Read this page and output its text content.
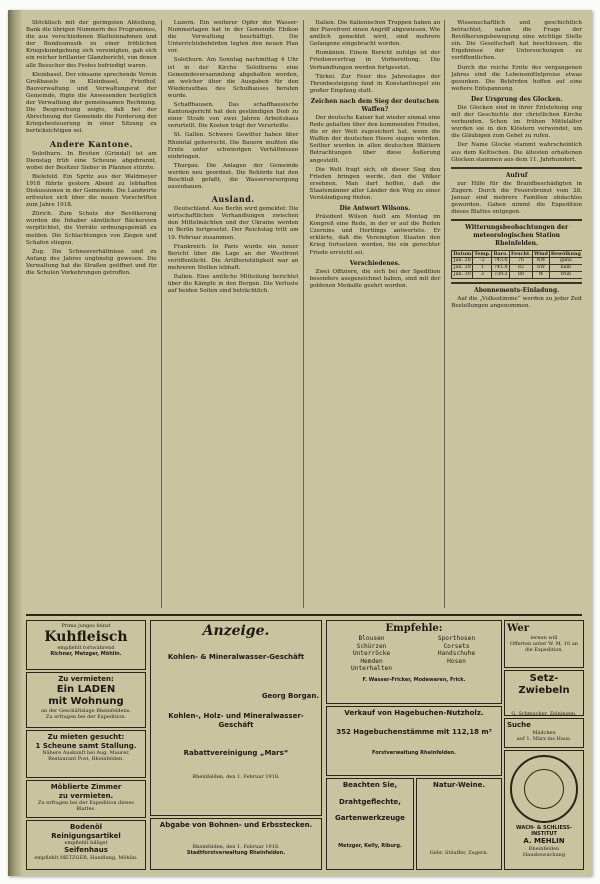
Stöcklisch mit der geringsten Abteilung, Bank die übrigen Nummern des Programmes, die aus verschiedenen Blatteinnahmen und der Bundesmusik zu einer fröhlichen Kriegskundgebung sich vereinigten, gab sich ein reicher brillanter Glanzbericht, von denen alle Besucher des Festes befriedigt waren.

Kleinbasel. Der einsame sprechende Verein Großbasels in Kleinbasel, Friedhof, Bauverwaltung und Verwaltungsrat der Gemeinde, fügte die Anwesenden bezüglich der Verwaltung der gemeinsamen Rechnung. Die Besprechung zeigte, daß bei der Abrechnung der Gemeinde die Forderung der Kriegsbesteuerung in einer Sitzung zu berücksichtigen sei.

Andere Kantone.

Solothurn. In Breiten (Grindal) ist am Dienstag früh eine Scheune abgebrannt, wobei der Besitzer Sieber in Pfannen stürzte.

Bielefeld. Ein Spritz aus der Waldmeyer 1918 führte gestern Abend zu lebhaften Diskussionen in der Gemeinde. Die Landwirte erfreuten sich über die neuen Vorschriften zum Jahre 1918.

Zürich. Zum Schutz der Bevölkerung wurden die Inhaber sämtlicher Bäckereien verpflichtet, die Vorräte ordnungsgemäß zu melden. Die Schlachtungen von Ziegen und Schafen stiegen.

Zug. Die Schneeverhältnisse sind zu Anfang des Jahres ungünstig gewesen. Die Verwaltung hat die Straßen geöffnet und für die Schulen Vorkehrungen getroffen.

Luzern. Ein weiterer Opfer der Wasser-Nummerlagen hat in der Gemeinde Ebikon die Verwaltung beschäftigt. Die Unterrichtsbehörden legten den neuen Plan vor.

Solothurn. Am Sonntag nachmittag 4 Uhr ist in der Kirche Solothurns eine Gemeindeversammlung abgehalten worden, an welcher über die Ausgaben für den Wiederaufbau des Schulhauses beraten wurde.

Schaffhausen. Das schaffhausische Kantonsgericht hat den geständigen Dieb zu einer Strafe von zwei Jahren Arbeitshaus verurteilt. Die Kosten trägt der Verurteilte.

St. Gallen. Schwere Gewitter haben über Rheintal geherrscht. Die Bauern mußten die Ernte unter schwierigen Verhältnissen einbringen.

Thurgau. Die Anlagen der Gemeinde werden neu geordnet. Die Behörde hat den Beschluß gefaßt, die Wasserversorgung auszubauen.

Ausland.

Deutschland. Aus Berlin wird gemeldet: Die wirtschaftlichen Verhandlungen zwischen den Mittelmächten und der Ukraine werden in Berlin fortgesetzt. Der Reichstag tritt am 19. Februar zusammen.

Frankreich. In Paris wurde ein neuer Bericht über die Lage an der Westfront veröffentlicht. Die Artillerietätigkeit war an mehreren Stellen lebhaft.

Italien. Eine amtliche Mitteilung berichtet über die Kämpfe in den Bergen. Die Verluste auf beiden Seiten sind beträchtlich.

Italien. Die italienischen Truppen haben an der Piavefront einen Angriff abgewiesen. Wie amtlich gemeldet wird, sind mehrere Gefangene eingebracht worden.

Rumänien. Einem Bericht zufolge ist der Friedensvertrag in Vorbereitung. Die Verhandlungen werden fortgesetzt.

Türkei. Zur Feier des Jahrestages der Thronbesteigung fand in Konstantinopel ein großer Empfang statt.

Zeichen nach dem Sieg der deutschen Waffen?

Der deutsche Kaiser hat wieder einmal eine Rede gehalten über den kommenden Frieden, die er der Welt zugesichert hat, wenn die Waffen der deutschen Heere siegen würden. Seither wurden in allen deutschen Blättern Betrachtungen über diese Äußerung angestellt.

Die Welt fragt sich, ob dieser Sieg den Frieden bringen werde, den die Völker ersehnen. Man darf hoffen, daß die Staatsmänner aller Länder den Weg zu einer Verständigung finden.

Die Antwort Wilsons.

Präsident Wilson hielt am Montag im Kongreß eine Rede, in der er auf die Reden Czernins und Hertlings antwortete. Er erklärte, daß die Vereinigten Staaten den Krieg fortsetzen werden, bis ein gerechter Friede erreicht sei.

Verschiedenes.

Zwei Offiziere, die sich bei der Spedition besonders ausgezeichnet haben, sind mit der goldenen Medaille geehrt worden.

Wissenschaftlich und geschichtlich betrachtet, nahm die Frage der Bevölkerungsbewegung eine wichtige Stelle ein. Die Gesellschaft hat beschlossen, die Ergebnisse der Untersuchungen zu veröffentlichen.

Durch die reiche Ernte des vergangenen Jahres sind die Lebensmittelpreise etwas gesunken. Die Behörden hoffen auf eine weitere Entspannung.

Der Ursprung des Glocken.

Die Glocken sind in ihrer Entstehung eng mit der Geschichte der christlichen Kirche verbunden. Schon im frühen Mittelalter wurden sie in den Klöstern verwendet, um die Gläubigen zum Gebet zu rufen.

Der Name Glocke stammt wahrscheinlich aus dem Keltischen. Die ältesten erhaltenen Glocken stammen aus dem 11. Jahrhundert.

Aufruf

zur Hilfe für die Brandbeschädigten in Zugern. Durch die Feuersbrunst vom 28. Januar sind mehrere Familien obdachlos geworden. Gaben nimmt die Expedition dieses Blattes entgegen.

Witterungsbeobachtungen der meteorologischen Station Rheinfelden.
Datum	Temp.	Baro.	Feucht.	Wind	Bewölkung
Jan. 28	-2	743.6	76	NW	ganz
Jan. 29	1	741.8	82	SW	halb
Jan. 30	3	739.2	88	W	trüb
Abonnements-Einladung.

Auf die „Volksstimme“ werden zu jeder Zeit Bestellungen angenommen.

Prima junges feinst
Kuhfleisch
empfiehlt fortwährend
Richner, Metzger, Möhlin.
Zu vermieten:
Ein LADEN
mit Wohnung
an der Geschäftslage Rheinfeldens.
Zu erfragen bei der Expedition.
Zu mieten gesucht:
1 Scheune samt Stallung.
Nähere Auskunft bei Aug. Maurer, Restaurant Post, Rheinfelden.
Möblierte Zimmer
zu vermieten.
Zu erfragen bei der Expedition dieses Blattes.
Bodenöl
Reinigungsartikel
empfiehlt billigst
Seifenhaus
empfiehlt METZGER, Handlung, Möhlin.
Anzeige.
Kohlen- & Mineralwasser-Geschäft
Georg Borgan.
Kohlen-, Holz- und Mineralwasser-Geschäft
Rabattvereinigung „Mars“
Rheinfelden, den 1. Februar 1918.
Abgabe von Bohnen- und Erbsstecken.
Rheinfelden, den 1. Februar 1918.
Stadtforstverwaltung Rheinfelden.
Empfehle:
Blousen	Sporthosen
Schürzen	Corsets
Unterröcke	Handschuhe
Hemden	Hosen
Unterhalten
F. Wasser-Fricker, Modewaren, Frick.
Verkauf von Hagebuchen-Nutzholz.
352 Hagebuchenstämme mit 112,18 m³
Forstverwaltung Rheinfelden.
Beachten Sie,
Drahtgeflechte,
Gartenwerkzeuge
Metzger, Kelly, Riburg.
Natur-Weine.
Gebr. Stäuffer, Zugern.
Wer
lernen will
Offerten unter W. M. 10 an die Expedition.
Setz-Zwiebeln
G. Schmucker, Zeiningen.
Suche
Mädchen
auf 1. März ins Haus.
WACH- & SCHLIESS-INSTITUT
A. MEHLIN
Rheinfelden
Hausbewachung
